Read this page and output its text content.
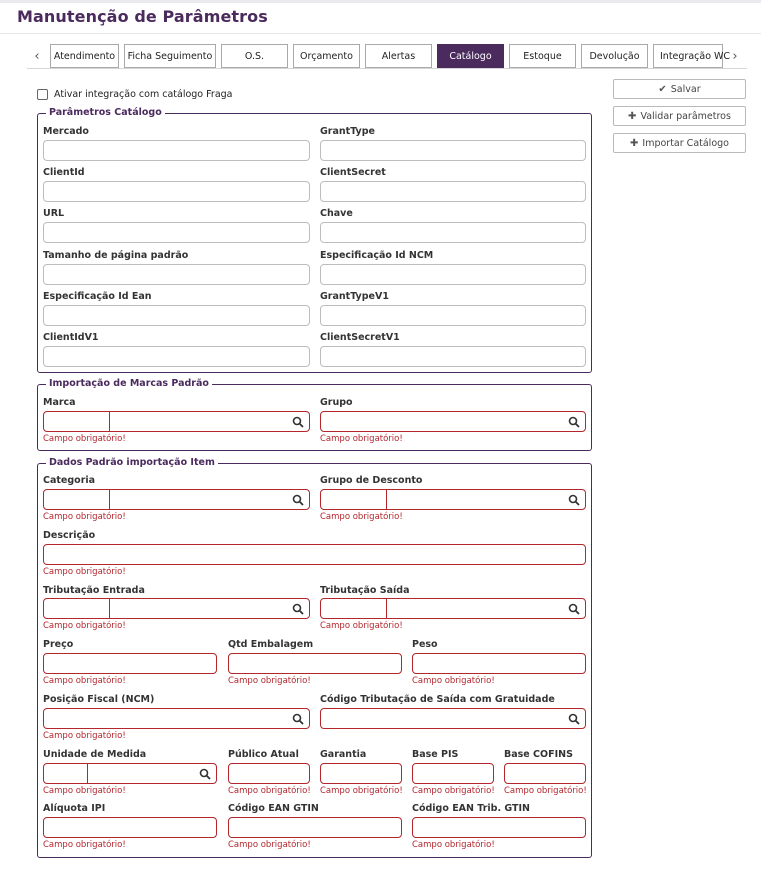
Manutenção de Parâmetros
‹	Atendimento	Ficha Seguimento	O.S.	Orçamento	Alertas	Catálogo	Estoque	Devolução	Integração WC ›
Ativar integração com catálogo Fraga	✔ Salvar
✚ Validar parâmetros
✚ Importar Catálogo
Parâmetros Catálogo
Mercado	GrantType
ClientId	ClientSecret
URL	Chave
Tamanho de página padrão	Especificação Id NCM
Especificação Id Ean	GrantTypeV1
ClientIdV1	ClientSecretV1
Importação de Marcas Padrão
Marca
Campo obrigatório!
Grupo
Campo obrigatório!
Dados Padrão importação Item
Categoria
Campo obrigatório!
Grupo de Desconto
Campo obrigatório!
Descrição
Campo obrigatório!
Tributação Entrada
Campo obrigatório!
Tributação Saída
Campo obrigatório!
Preço
Campo obrigatório!
Qtd Embalagem
Campo obrigatório!
Peso
Campo obrigatório!
Posição Fiscal (NCM)
Campo obrigatório!
Código Tributação de Saída com Gratuidade
Unidade de Medida
Campo obrigatório!
Público Atual
Campo obrigatório!
Garantia
Campo obrigatório!
Base PIS
Campo obrigatório!
Base COFINS
Campo obrigatório!
Alíquota IPI
Campo obrigatório!
Código EAN GTIN
Campo obrigatório!
Código EAN Trib. GTIN
Campo obrigatório!
